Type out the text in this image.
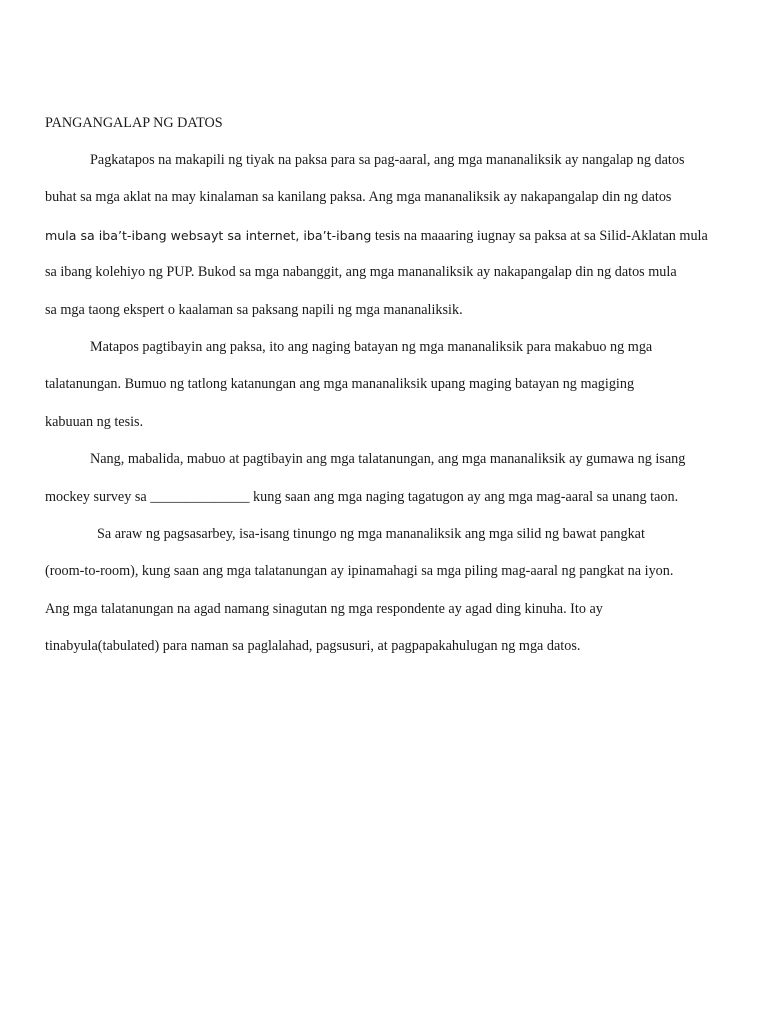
PANGANGALAP NG DATOS
Pagkatapos na makapili ng tiyak na paksa para sa pag-aaral, ang mga mananaliksik ay nangalap ng datos
buhat sa mga aklat na may kinalaman sa kanilang paksa. Ang mga mananaliksik ay nakapangalap din ng datos
mula sa iba’t-ibang websayt sa internet, iba’t-ibang tesis na maaaring iugnay sa paksa at sa Silid-Aklatan mula
sa ibang kolehiyo ng PUP. Bukod sa mga nabanggit, ang mga mananaliksik ay nakapangalap din ng datos mula
sa mga taong ekspert o kaalaman sa paksang napili ng mga mananaliksik.
Matapos pagtibayin ang paksa, ito ang naging batayan ng mga mananaliksik para makabuo ng mga
talatanungan. Bumuo ng tatlong katanungan ang mga mananaliksik upang maging batayan ng magiging
kabuuan ng tesis.
Nang, mabalida, mabuo at pagtibayin ang mga talatanungan, ang mga mananaliksik ay gumawa ng isang
mockey survey sa ______________ kung saan ang mga naging tagatugon ay ang mga mag-aaral sa unang taon.
Sa araw ng pagsasarbey, isa-isang tinungo ng mga mananaliksik ang mga silid ng bawat pangkat
(room-to-room), kung saan ang mga talatanungan ay ipinamahagi sa mga piling mag-aaral ng pangkat na iyon.
Ang mga talatanungan na agad namang sinagutan ng mga respondente ay agad ding kinuha. Ito ay
tinabyula(tabulated) para naman sa paglalahad, pagsusuri, at pagpapakahulugan ng mga datos.
